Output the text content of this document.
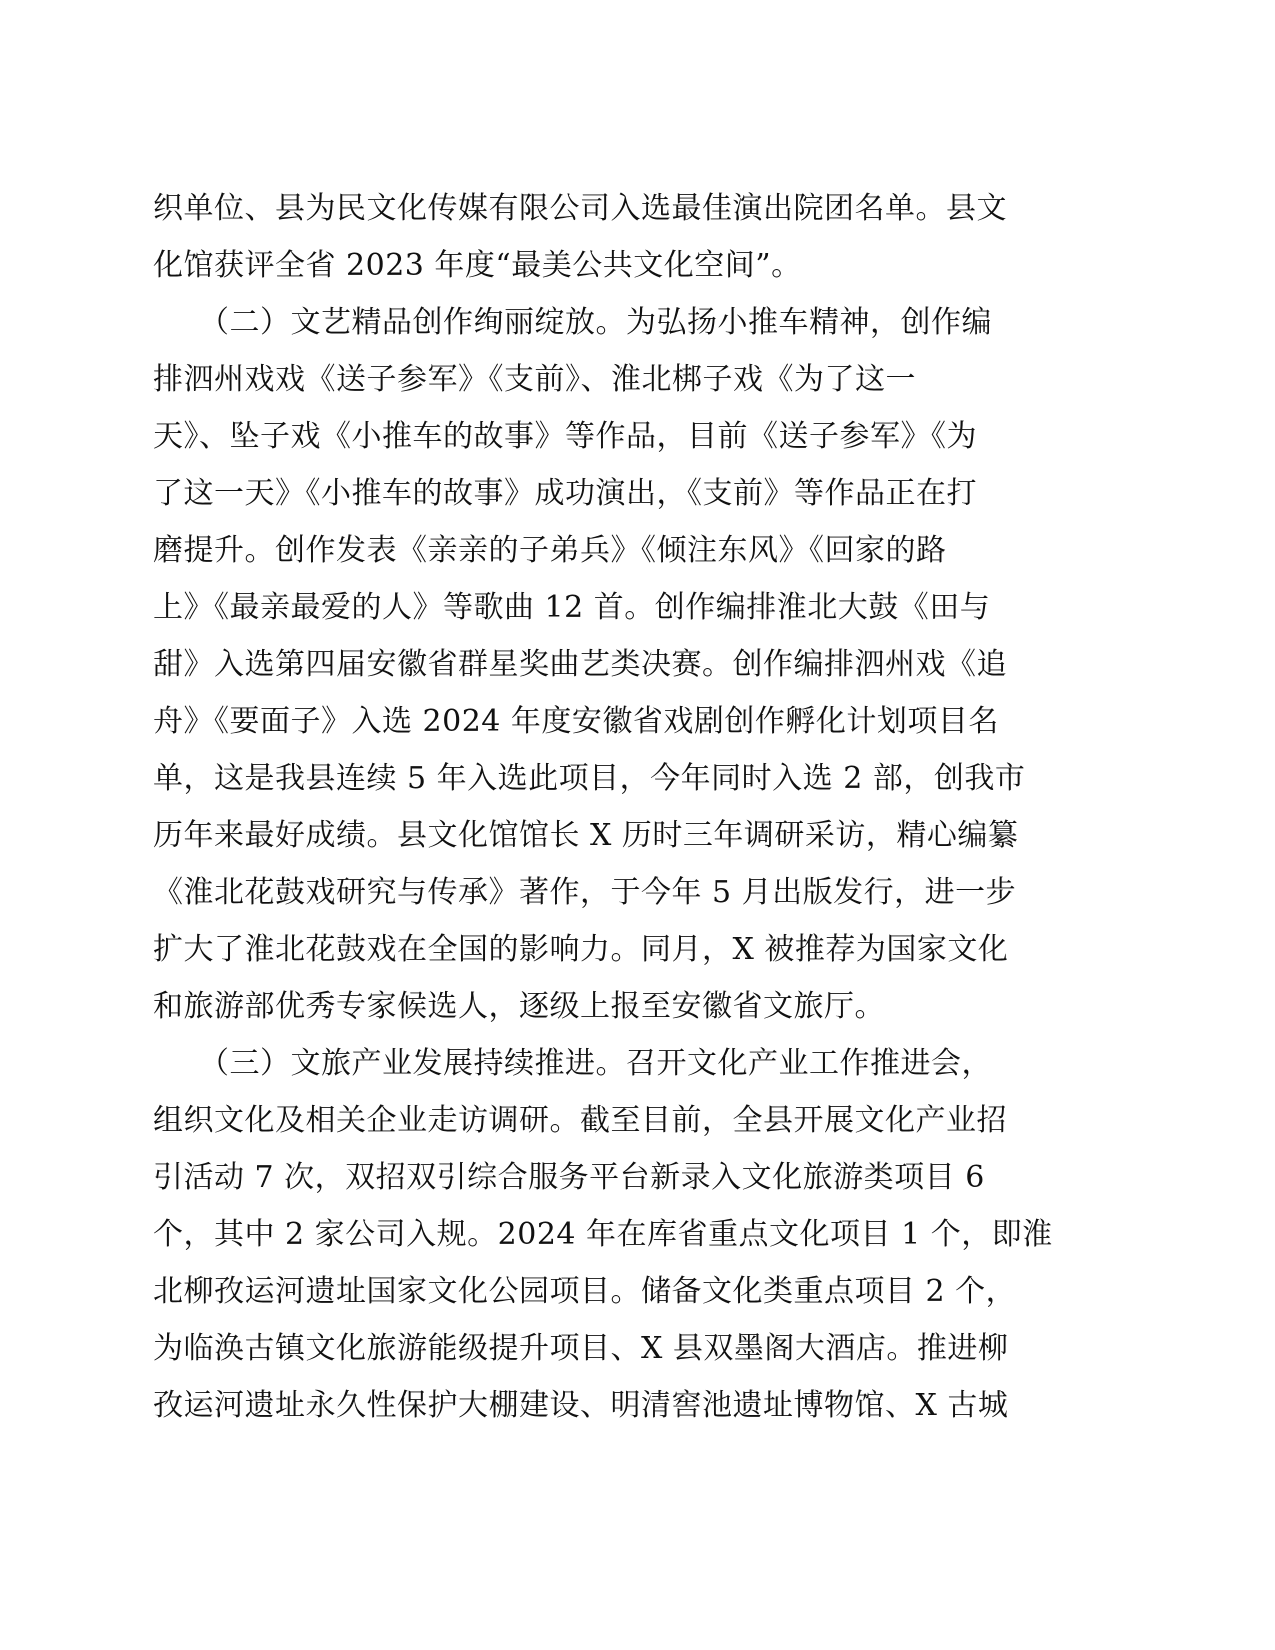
织单位、县为民文化传媒有限公司入选最佳演出院团名单。县文
化馆获评全省 2023 年度“最美公共文化空间”。
　　（二）文艺精品创作绚丽绽放。为弘扬小推车精神，创作编
排泗州戏戏《送子参军》《支前》、淮北梆子戏《为了这一
天》、坠子戏《小推车的故事》等作品，目前《送子参军》《为
了这一天》《小推车的故事》成功演出，《支前》等作品正在打
磨提升。创作发表《亲亲的子弟兵》《倾注东风》《回家的路
上》《最亲最爱的人》等歌曲 12 首。创作编排淮北大鼓《田与
甜》入选第四届安徽省群星奖曲艺类决赛。创作编排泗州戏《追
舟》《要面子》入选 2024 年度安徽省戏剧创作孵化计划项目名
单，这是我县连续 5 年入选此项目，今年同时入选 2 部，创我市
历年来最好成绩。县文化馆馆长 X 历时三年调研采访，精心编纂
《淮北花鼓戏研究与传承》著作，于今年 5 月出版发行，进一步
扩大了淮北花鼓戏在全国的影响力。同月，X 被推荐为国家文化
和旅游部优秀专家候选人，逐级上报至安徽省文旅厅。
　　（三）文旅产业发展持续推进。召开文化产业工作推进会，
组织文化及相关企业走访调研。截至目前，全县开展文化产业招
引活动 7 次，双招双引综合服务平台新录入文化旅游类项目 6
个，其中 2 家公司入规。2024 年在库省重点文化项目 1 个，即淮
北柳孜运河遗址国家文化公园项目。储备文化类重点项目 2 个，
为临涣古镇文化旅游能级提升项目、X 县双墨阁大酒店。推进柳
孜运河遗址永久性保护大棚建设、明清窖池遗址博物馆、X 古城
